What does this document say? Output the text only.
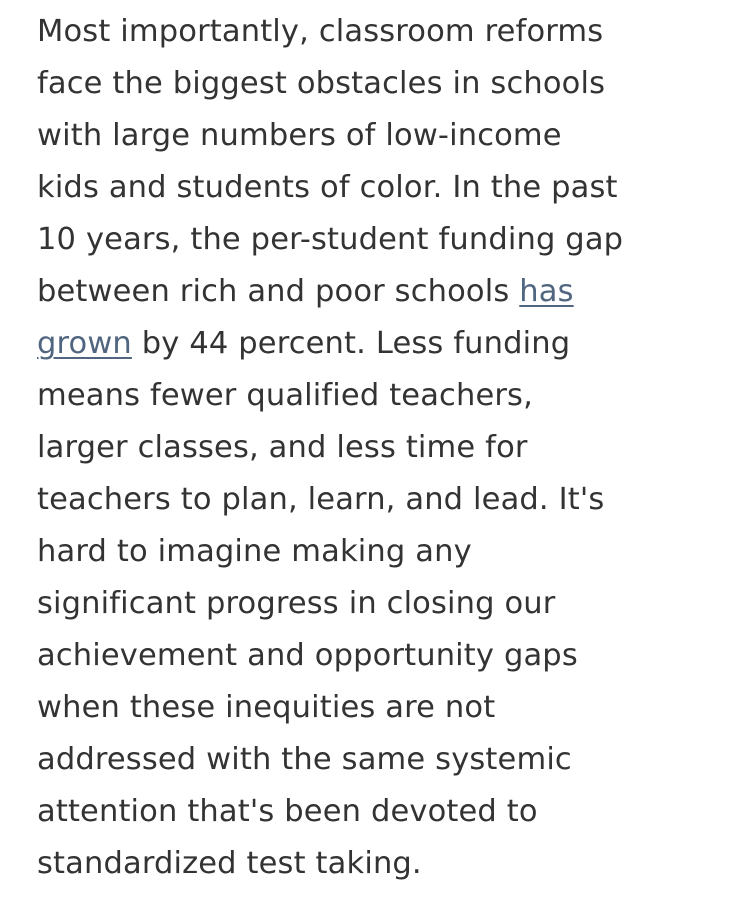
Most importantly, classroom reforms
face the biggest obstacles in schools
with large numbers of low-income
kids and students of color. In the past
10 years, the per-student funding gap
between rich and poor schools has
grown by 44 percent. Less funding
means fewer qualified teachers,
larger classes, and less time for
teachers to plan, learn, and lead. It's
hard to imagine making any
significant progress in closing our
achievement and opportunity gaps
when these inequities are not
addressed with the same systemic
attention that's been devoted to
standardized test taking.
